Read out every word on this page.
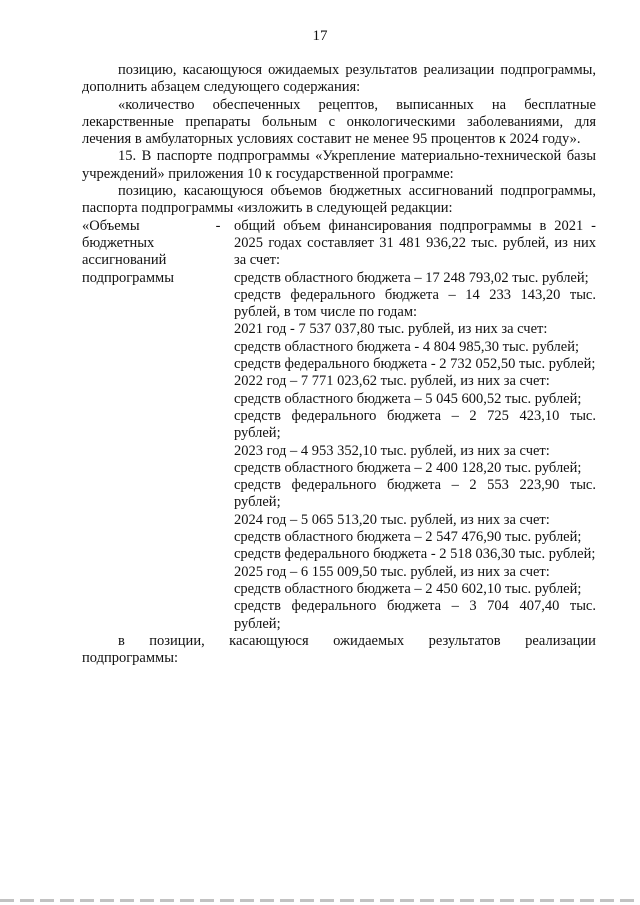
17

позицию, касающуюся ожидаемых результатов реализации подпрограммы, дополнить абзацем следующего содержания:

«количество обеспеченных рецептов, выписанных на бесплатные лекарственные препараты больным с онкологическими заболеваниями, для лечения в амбулаторных условиях составит не менее 95 процентов к 2024 году».

15. В паспорте подпрограммы «Укрепление материально-технической базы учреждений» приложения 10 к государственной программе:

позицию, касающуюся объемов бюджетных ассигнований подпрограммы, паспорта подпрограммы «изложить в следующей редакции:

«Объемы бюджетных ассигнований подпрограммы
- общий объем финансирования подпрограммы в 2021 - 2025 годах составляет 31 481 936,22 тыс. рублей, из них за счет:

средств областного бюджета – 17 248 793,02 тыс. рублей;

средств федерального бюджета – 14 233 143,20 тыс. рублей, в том числе по годам:

2021 год - 7 537 037,80 тыс. рублей, из них за счет:

средств областного бюджета - 4 804 985,30 тыс. рублей;

средств федерального бюджета - 2 732 052,50 тыс. рублей;

2022 год – 7 771 023,62 тыс. рублей, из них за счет:

средств областного бюджета – 5 045 600,52 тыс. рублей;

средств федерального бюджета – 2 725 423,10 тыс. рублей;

2023 год – 4 953 352,10 тыс. рублей, из них за счет:

средств областного бюджета – 2 400 128,20 тыс. рублей;

средств федерального бюджета – 2 553 223,90 тыс. рублей;

2024 год – 5 065 513,20 тыс. рублей, из них за счет:

средств областного бюджета – 2 547 476,90 тыс. рублей;

средств федерального бюджета - 2 518 036,30 тыс. рублей;

2025 год – 6 155 009,50 тыс. рублей, из них за счет:

средств областного бюджета – 2 450 602,10 тыс. рублей;

средств федерального бюджета – 3 704 407,40 тыс. рублей;

в позиции, касающуюся ожидаемых результатов реализации

подпрограммы:
